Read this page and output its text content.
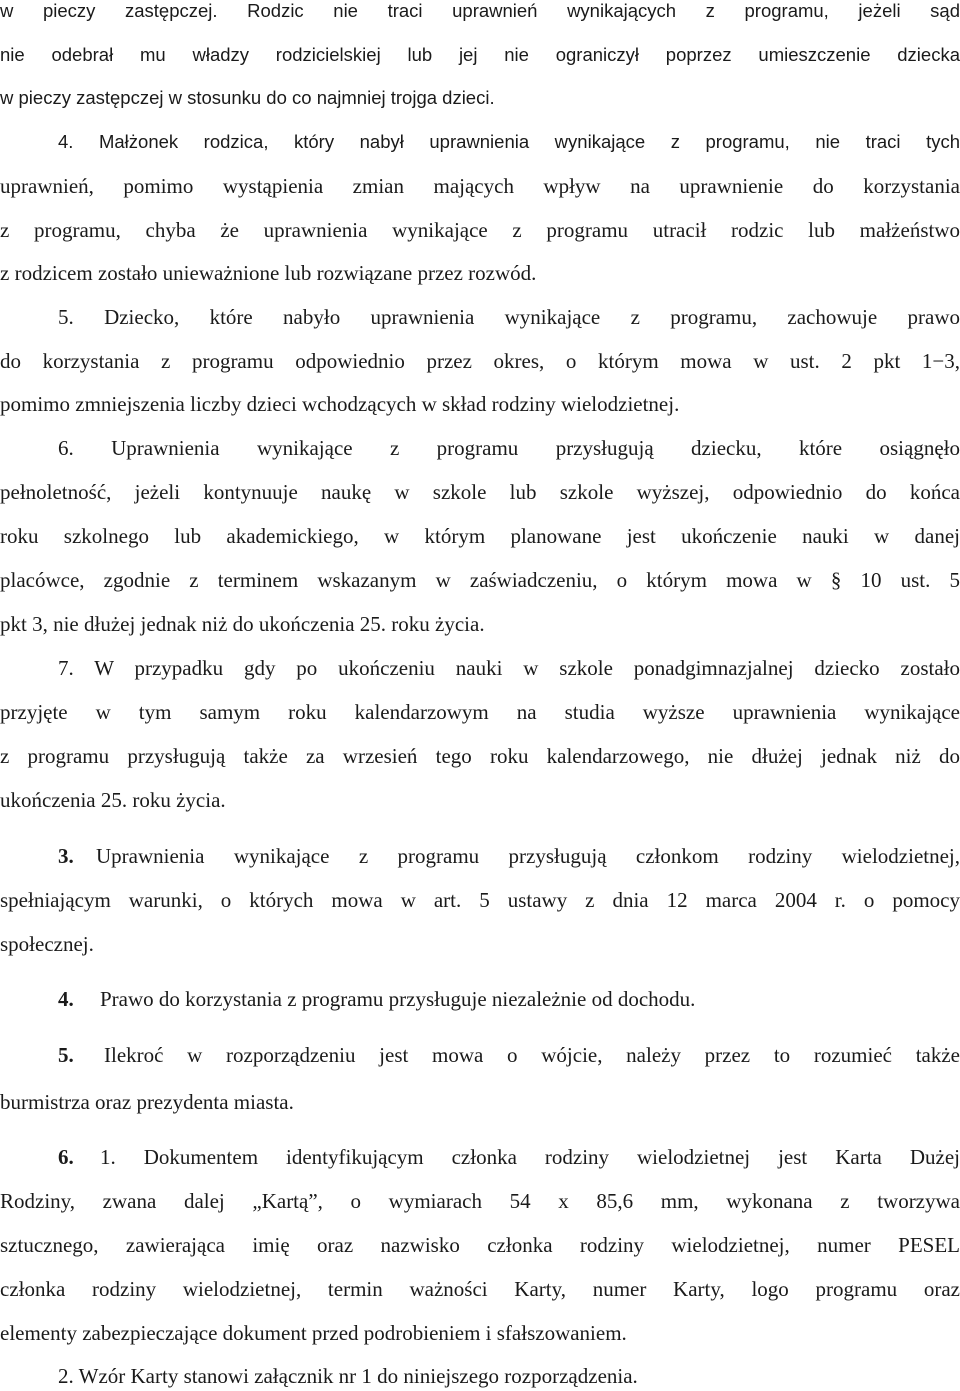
w pieczy zastępczej. Rodzic nie traci uprawnień wynikających z programu, jeżeli sąd
nie odebrał mu władzy rodzicielskiej lub jej nie ograniczył poprzez umieszczenie dziecka
w pieczy zastępczej w stosunku do co najmniej trojga dzieci.
4. Małżonek rodzica, który nabył uprawnienia wynikające z programu, nie traci tych
uprawnień, pomimo wystąpienia zmian mających wpływ na uprawnienie do korzystania
z programu, chyba że uprawnienia wynikające z programu utracił rodzic lub małżeństwo
z rodzicem zostało unieważnione lub rozwiązane przez rozwód.
5. Dziecko, które nabyło uprawnienia wynikające z programu, zachowuje prawo
do korzystania z programu odpowiednio przez okres, o którym mowa w ust. 2 pkt 1−3,
pomimo zmniejszenia liczby dzieci wchodzących w skład rodziny wielodzietnej.
6. Uprawnienia wynikające z programu przysługują dziecku, które osiągnęło
pełnoletność, jeżeli kontynuuje naukę w szkole lub szkole wyższej, odpowiednio do końca
roku szkolnego lub akademickiego, w którym planowane jest ukończenie nauki w danej
placówce, zgodnie z terminem wskazanym w zaświadczeniu, o którym mowa w § 10 ust. 5
pkt 3, nie dłużej jednak niż do ukończenia 25. roku życia.
7. W przypadku gdy po ukończeniu nauki w szkole ponadgimnazjalnej dziecko zostało
przyjęte w tym samym roku kalendarzowym na studia wyższe uprawnienia wynikające
z programu przysługują także za wrzesień tego roku kalendarzowego, nie dłużej jednak niż do
ukończenia 25. roku życia.
3. Uprawnienia wynikające z programu przysługują członkom rodziny wielodzietnej,
spełniającym warunki, o których mowa w art. 5 ustawy z dnia 12 marca 2004 r. o pomocy
społecznej.
4. Prawo do korzystania z programu przysługuje niezależnie od dochodu.
5. Ilekroć w rozporządzeniu jest mowa o wójcie, należy przez to rozumieć także
burmistrza oraz prezydenta miasta.
6. 1. Dokumentem identyfikującym członka rodziny wielodzietnej jest Karta Dużej
Rodziny, zwana dalej „Kartą”, o wymiarach 54 x 85,6 mm, wykonana z tworzywa
sztucznego, zawierająca imię oraz nazwisko członka rodziny wielodzietnej, numer PESEL
członka rodziny wielodzietnej, termin ważności Karty, numer Karty, logo programu oraz
elementy zabezpieczające dokument przed podrobieniem i sfałszowaniem.
2. Wzór Karty stanowi załącznik nr 1 do niniejszego rozporządzenia.
